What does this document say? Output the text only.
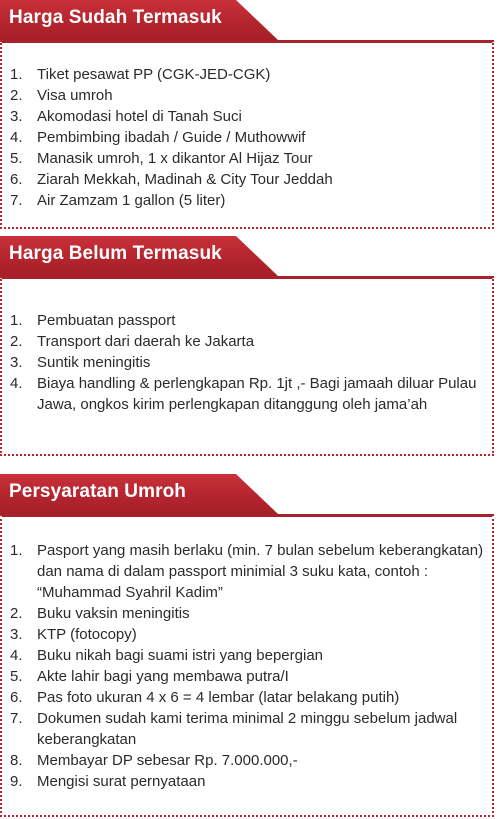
Harga Sudah Termasuk
1. Tiket pesawat PP (CGK-JED-CGK)
2. Visa umroh
3. Akomodasi hotel di Tanah Suci
4. Pembimbing ibadah / Guide / Muthowwif
5. Manasik umroh, 1 x dikantor Al Hijaz Tour
6. Ziarah Mekkah, Madinah & City Tour Jeddah
7. Air Zamzam 1 gallon (5 liter)
Harga Belum Termasuk
1. Pembuatan passport
2. Transport dari daerah ke Jakarta
3. Suntik meningitis
4. Biaya handling & perlengkapan Rp. 1jt ,- Bagi jamaah diluar Pulau Jawa, ongkos kirim perlengkapan ditanggung oleh jama’ah
Persyaratan Umroh
1. Pasport yang masih berlaku (min. 7 bulan sebelum keberangkatan) dan nama di dalam passport minimial 3 suku kata, contoh : “Muhammad Syahril Kadim”
2. Buku vaksin meningitis
3. KTP (fotocopy)
4. Buku nikah bagi suami istri yang bepergian
5. Akte lahir bagi yang membawa putra/I
6. Pas foto ukuran 4 x 6 = 4 lembar (latar belakang putih)
7. Dokumen sudah kami terima minimal 2 minggu sebelum jadwal keberangkatan
8. Membayar DP sebesar Rp. 7.000.000,-
9. Mengisi surat pernyataan
